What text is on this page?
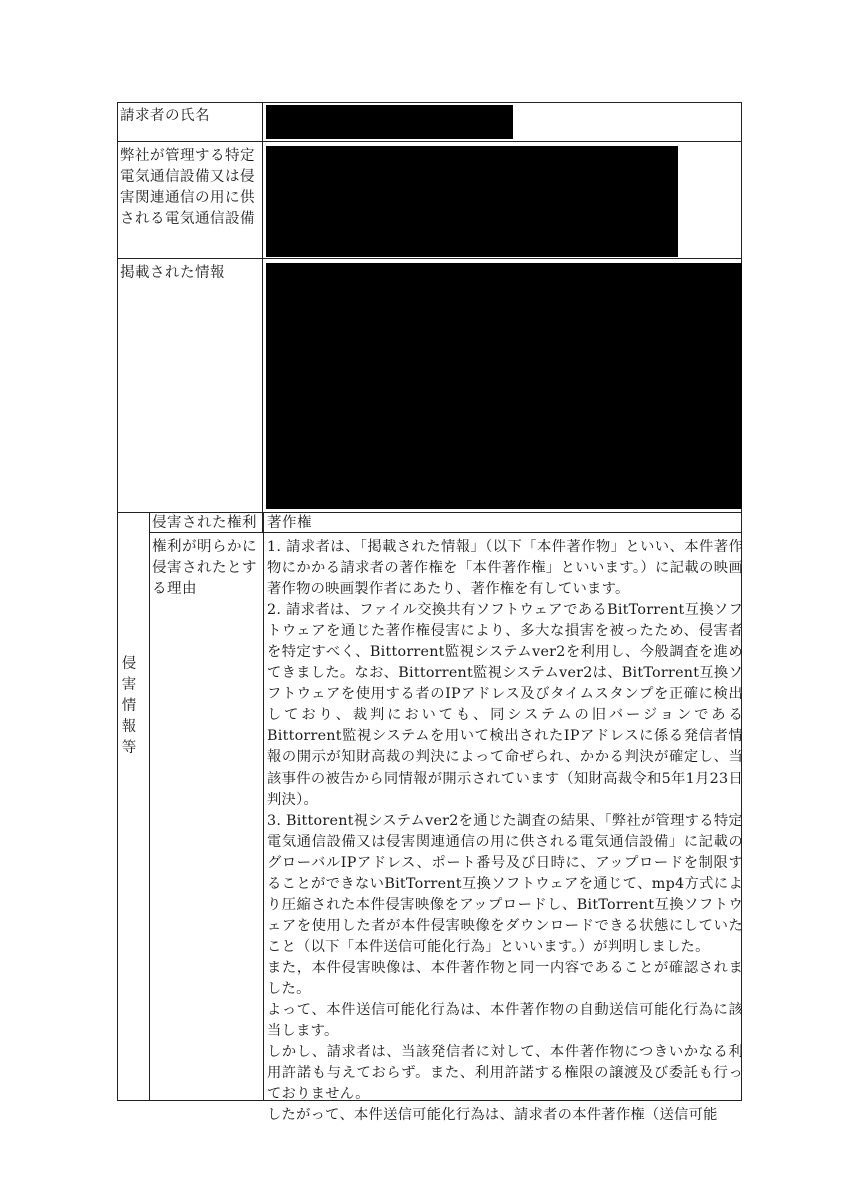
請求者の氏名
弊社が管理する特定電気通信設備又は侵害関連通信の用に供される電気通信設備
掲載された情報
侵
害
情
報
等
侵害された権利 著作権
権利が明らかに侵害されたとする理由

1. 請求者は、「掲載された情報」（以下「本件著作物」といい、本件著作物にかかる請求者の著作権を「本件著作権」といいます。）に記載の映画著作物の映画製作者にあたり、著作権を有しています。

2. 請求者は、ファイル交換共有ソフトウェアであるBitTorrent互換ソフトウェアを通じた著作権侵害により、多大な損害を被ったため、侵害者を特定すべく、Bittorrent監視システムver2を利用し、今般調査を進めてきました。なお、Bittorrent監視システムver2は、BitTorrent互換ソフトウェアを使用する者のIPアドレス及びタイムスタンプを正確に検出しており、裁判においても、同システムの旧バージョンであるBittorrent監視システムを用いて検出されたIPアドレスに係る発信者情報の開示が知財高裁の判決によって命ぜられ、かかる判決が確定し、当該事件の被告から同情報が開示されています（知財高裁令和5年1月23日判決）。

3. Bittorent視システムver2を通じた調査の結果、「弊社が管理する特定電気通信設備又は侵害関連通信の用に供される電気通信設備」に記載のグローバルIPアドレス、ポート番号及び日時に、アップロードを制限することができないBitTorrent互換ソフトウェアを通じて、mp4方式により圧縮された本件侵害映像をアップロードし、BitTorrent互換ソフトウェアを使用した者が本件侵害映像をダウンロードできる状態にしていたこと（以下「本件送信可能化行為」といいます。）が判明しました。

また，本件侵害映像は、本件著作物と同一内容であることが確認されました。

よって、本件送信可能化行為は、本件著作物の自動送信可能化行為に該当します。

しかし、請求者は、当該発信者に対して、本件著作物につきいかなる利用許諾も与えておらず。また、利用許諾する権限の譲渡及び委託も行っておりません。

したがって、本件送信可能化行為は、請求者の本件著作権（送信可能
